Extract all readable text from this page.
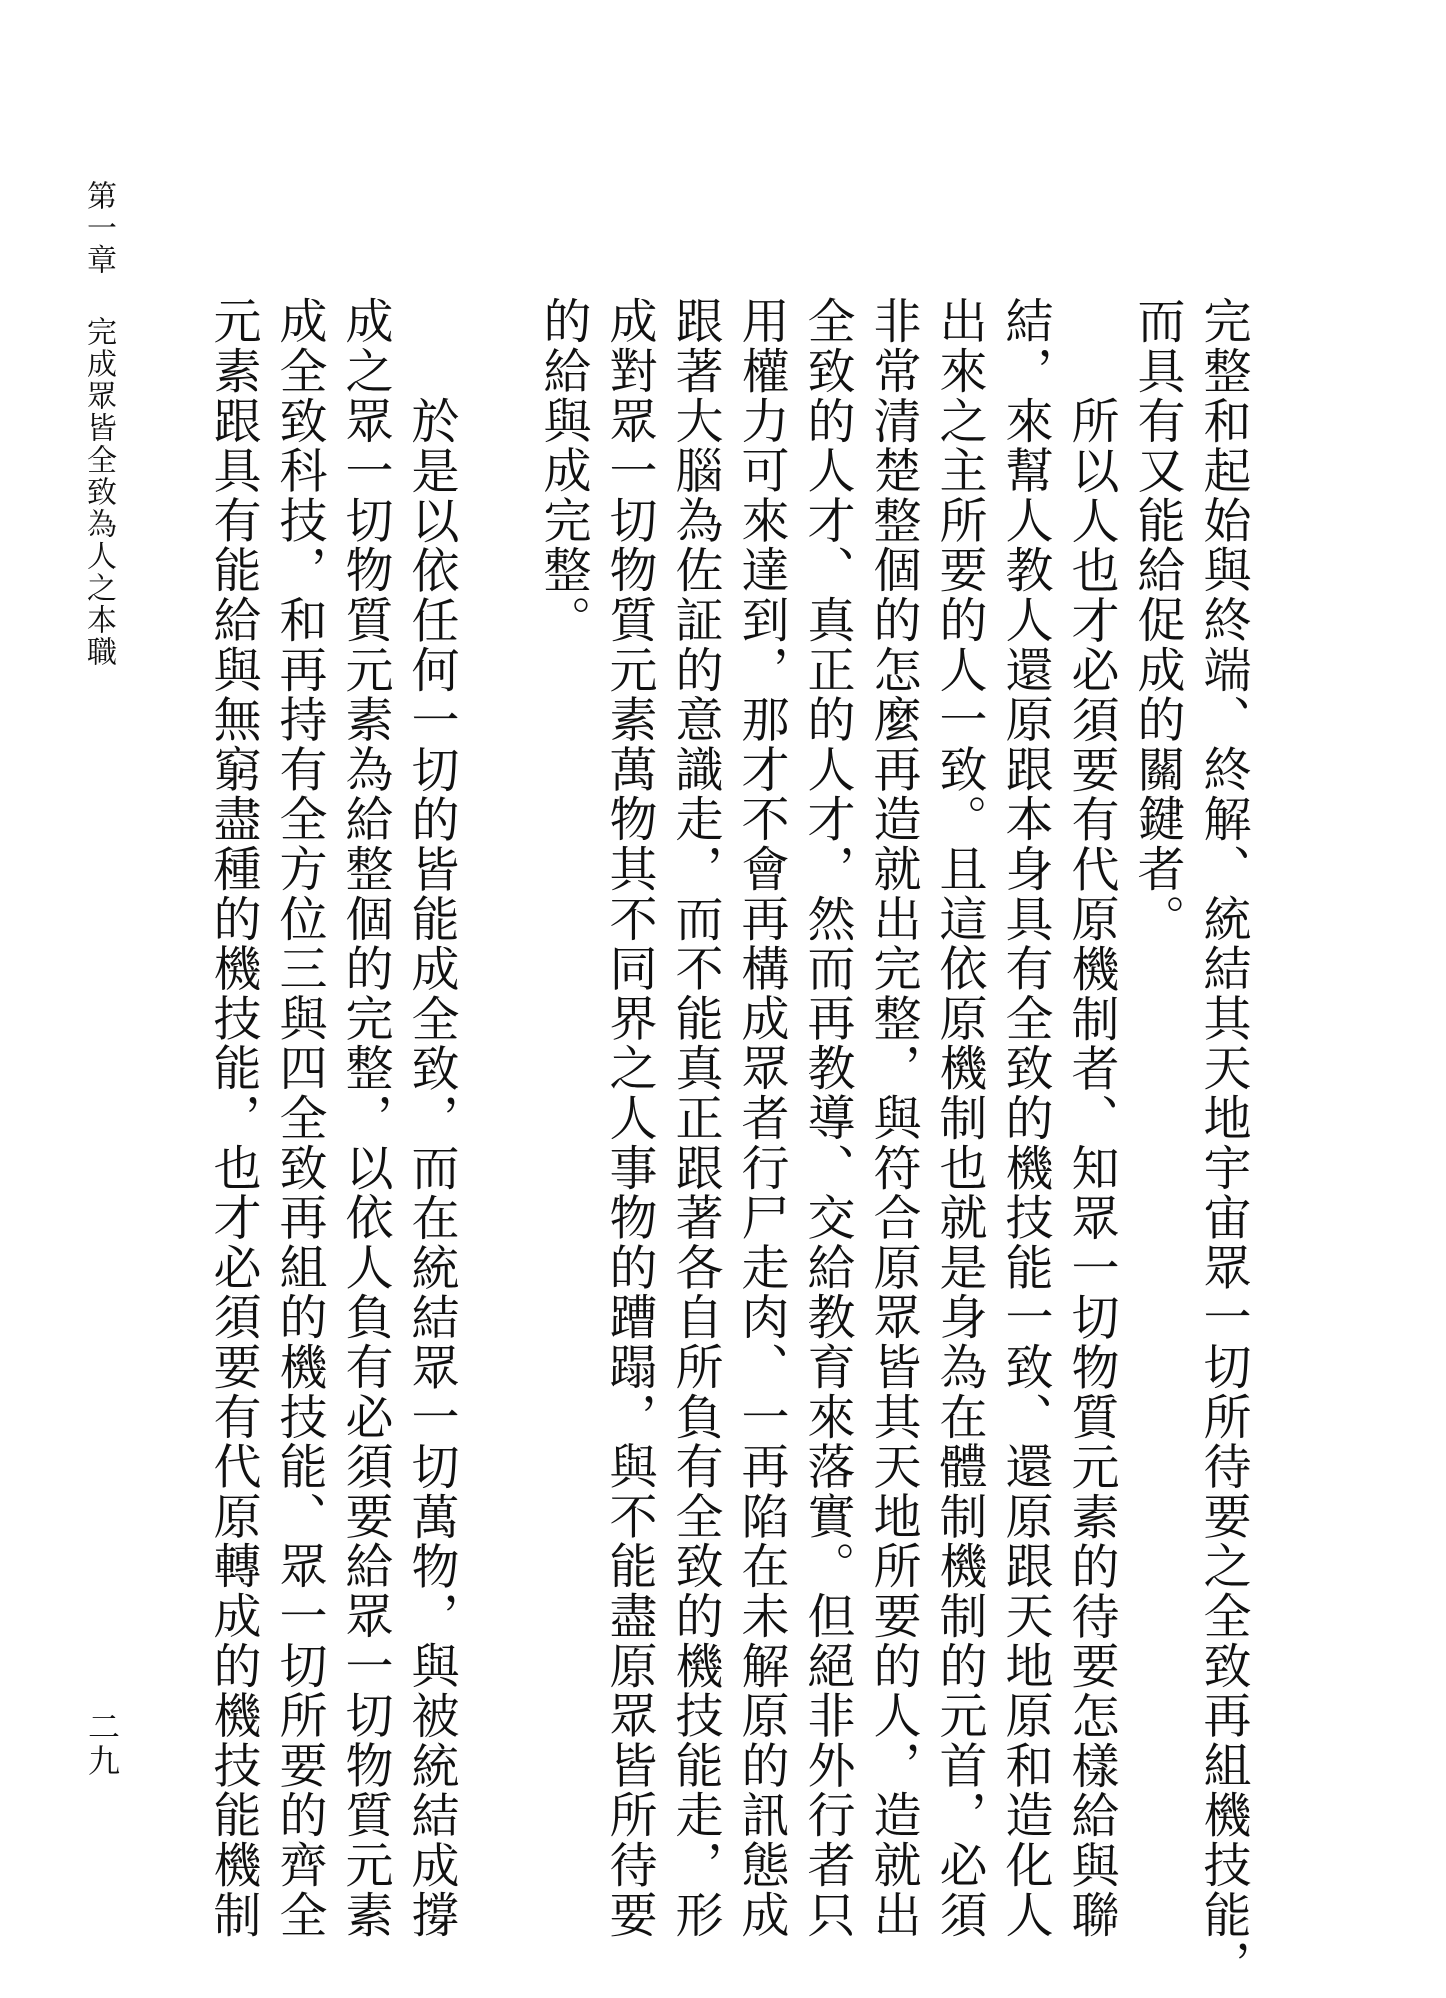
第一章完成眾皆全致為人之本職	完整和起始與終端、終解、統結其天地宇宙眾一切所待要之全致再組機技能，
而具有又能給促成的關鍵者。
所以人也才必須要有代原機制者、知眾一切物質元素的待要怎樣給與聯
結，來幫人教人還原跟本身具有全致的機技能一致、還原跟天地原和造化人
出來之主所要的人一致。且這依原機制也就是身為在體制機制的元首，必須
非常清楚整個的怎麼再造就出完整，與符合原眾皆其天地所要的人，造就出
全致的人才、真正的人才，然而再教導、交給教育來落實。但絕非外行者只
用權力可來達到，那才不會再構成眾者行尸走肉、一再陷在未解原的訊態成
跟著大腦為佐証的意識走，而不能真正跟著各自所負有全致的機技能走，形
成對眾一切物質元素萬物其不同界之人事物的蹧蹋，與不能盡原眾皆所待要
的給與成完整。
於是以依任何一切的皆能成全致，而在統結眾一切萬物，與被統結成撐
成之眾一切物質元素為給整個的完整，以依人負有必須要給眾一切物質元素
成全致科技，和再持有全方位三與四全致再組的機技能、眾一切所要的齊全
元素跟具有能給與無窮盡種的機技能，也才必須要有代原轉成的機技能機制
二九
